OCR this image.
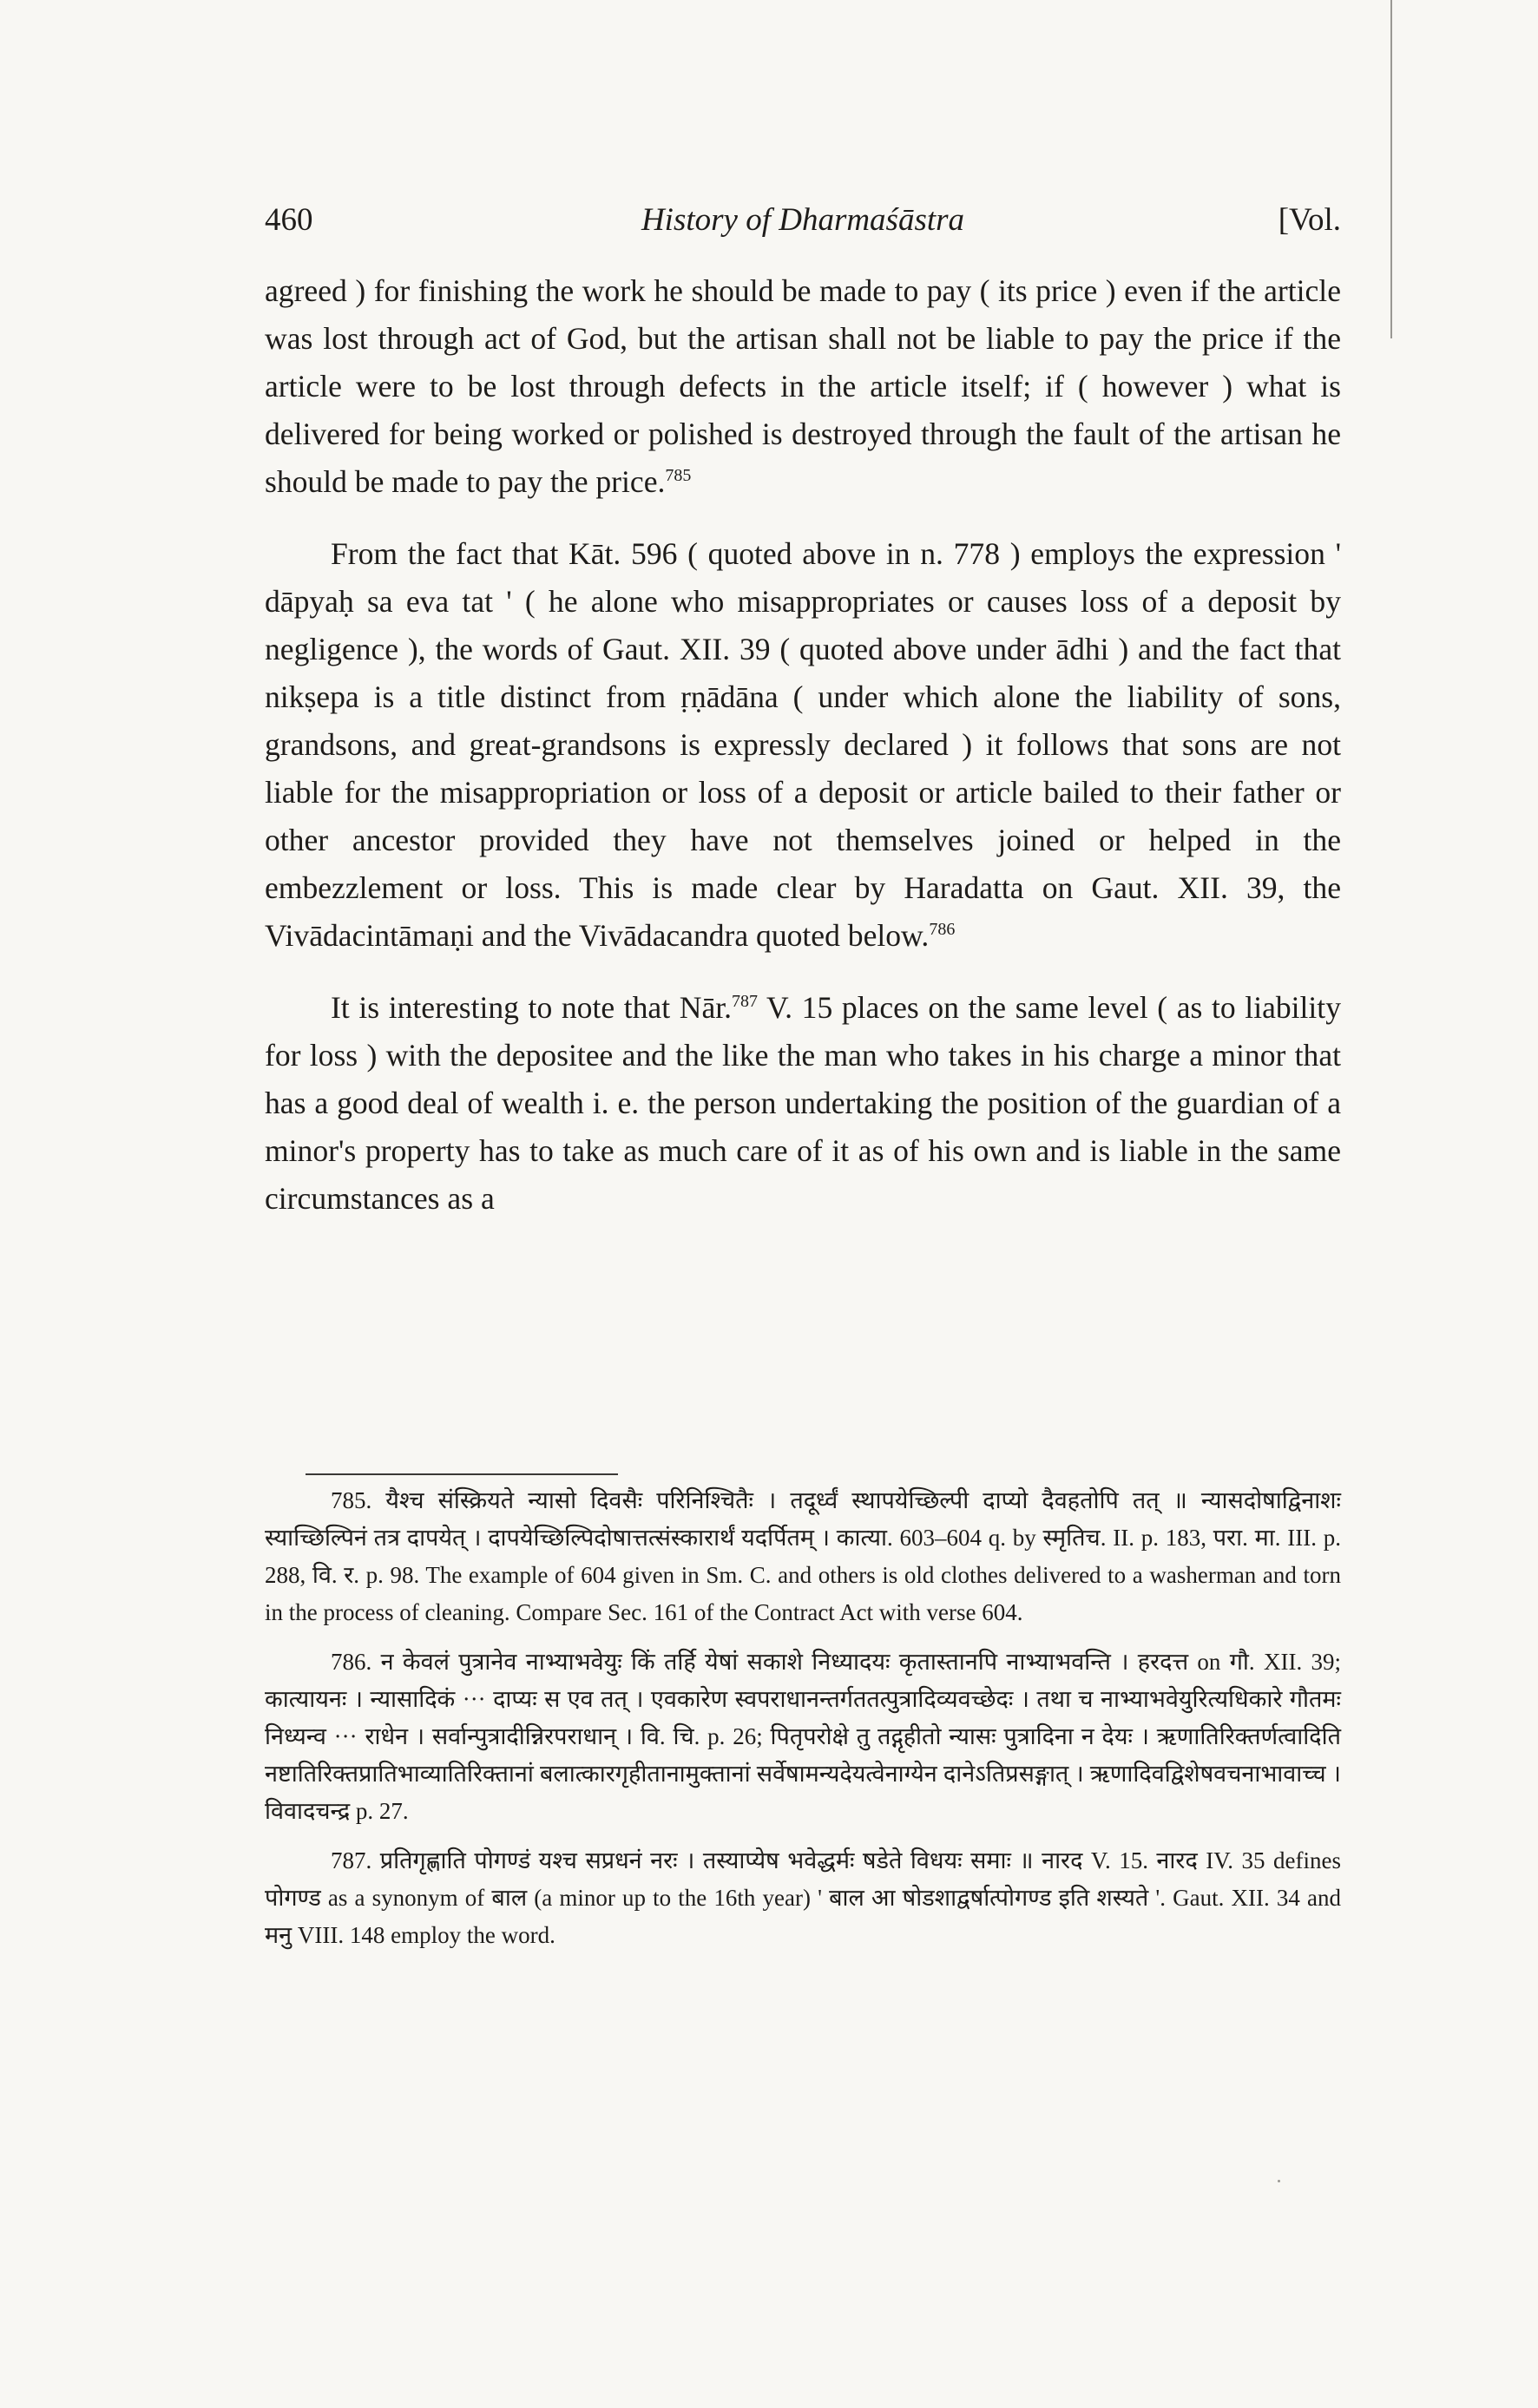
460	History of Dharmaśāstra	[Vol.

agreed ) for finishing the work he should be made to pay ( its price ) even if the article was lost through act of God, but the artisan shall not be liable to pay the price if the article were to be lost through defects in the article itself; if ( however ) what is delivered for being worked or polished is destroyed through the fault of the artisan he should be made to pay the price.$^{785}$

From the fact that Kāt. 596 ( quoted above in n. 778 ) employs the expression ' dāpyaḥ sa eva tat ' ( he alone who misappropriates or causes loss of a deposit by negligence ), the words of Gaut. XII. 39 ( quoted above under ādhi ) and the fact that nikṣepa is a title distinct from ṛṇādāna ( under which alone the liability of sons, grandsons, and great-grandsons is expressly declared ) it follows that sons are not liable for the misappropriation or loss of a deposit or article bailed to their father or other ancestor provided they have not themselves joined or helped in the embezzlement or loss. This is made clear by Haradatta on Gaut. XII. 39, the Vivādacintāmaṇi and the Vivādacandra quoted below.$^{786}$

It is interesting to note that Nār.$^{787}$ V. 15 places on the same level ( as to liability for loss ) with the depositee and the like the man who takes in his charge a minor that has a good deal of wealth i. e. the person undertaking the position of the guardian of a minor's property has to take as much care of it as of his own and is liable in the same circumstances as a

785. यैश्च संस्क्रियते न्यासो दिवसैः परिनिश्चितैः । तदूर्ध्वं स्थापयेच्छिल्पी दाप्यो दैवहतोपि तत् ॥ न्यासदोषाद्विनाशः स्याच्छिल्पिनं तत्र दापयेत् । दापयेच्छिल्पिदोषात्तत्संस्कारार्थं यदर्पितम् । कात्या. 603–604 q. by स्मृतिच. II. p. 183, परा. मा. III. p. 288, वि. र. p. 98. The example of 604 given in Sm. C. and others is old clothes delivered to a washerman and torn in the process of cleaning. Compare Sec. 161 of the Contract Act with verse 604.

786. न केवलं पुत्रानेव नाभ्याभवेयुः किं तर्हि येषां सकाशे निध्यादयः कृतास्तानपि नाभ्याभवन्ति । हरदत्त on गौ. XII. 39; कात्यायनः । न्यासादिकं ··· दाप्यः स एव तत् । एवकारेण स्वपराधानन्तर्गततत्पुत्रादिव्यवच्छेदः । तथा च नाभ्याभवेयुरित्यधिकारे गौतमः निध्यन्व ··· राधेन । सर्वान्पुत्रादीन्निरपराधान् । वि. चि. p. 26; पितृपरोक्षे तु तद्गृहीतो न्यासः पुत्रादिना न देयः । ऋणातिरिक्तर्णत्वादिति नष्टातिरिक्तप्रातिभाव्यातिरिक्तानां बलात्कारगृहीतानामुक्तानां सर्वेषामन्यदेयत्वेनाग्येन दानेऽतिप्रसङ्गात् । ऋणादिवद्विशेषवचनाभावाच्च । विवादचन्द्र p. 27.

787. प्रतिगृह्णाति पोगण्डं यश्च सप्रधनं नरः । तस्याप्येष भवेद्धर्मः षडेते विधयः समाः ॥ नारद V. 15. नारद IV. 35 defines पोगण्ड as a synonym of बाल (a minor up to the 16th year) ' बाल आ षोडशाद्वर्षात्पोगण्ड इति शस्यते '. Gaut. XII. 34 and मनु VIII. 148 employ the word.
